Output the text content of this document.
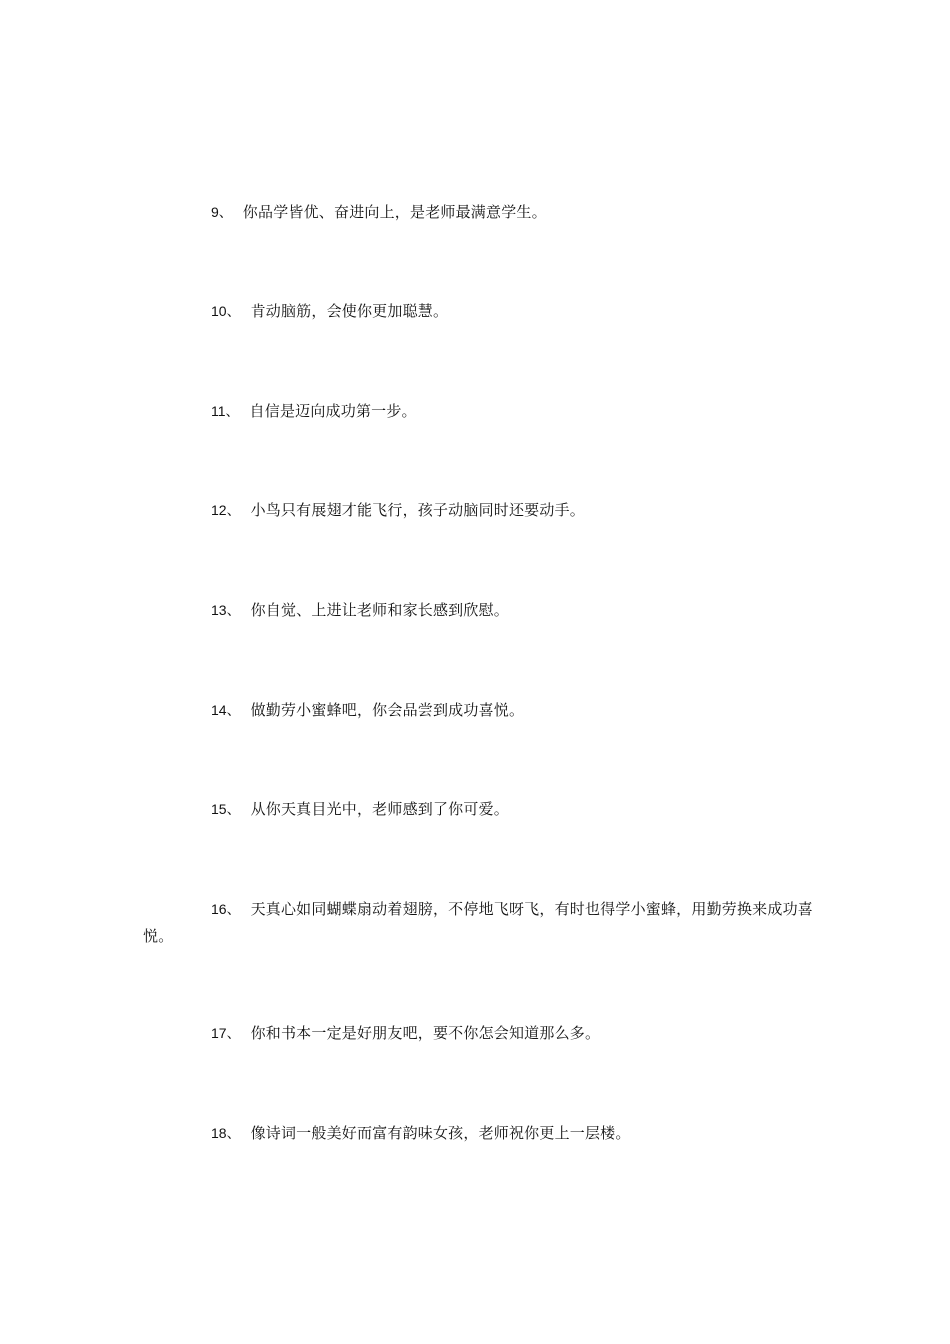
9、 你品学皆优、奋进向上，是老师最满意学生。

10、 肯动脑筋，会使你更加聪慧。

11、 自信是迈向成功第一步。

12、 小鸟只有展翅才能飞行，孩子动脑同时还要动手。

13、 你自觉、上进让老师和家长感到欣慰。

14、 做勤劳小蜜蜂吧，你会品尝到成功喜悦。

15、 从你天真目光中，老师感到了你可爱。

16、 天真心如同蝴蝶扇动着翅膀，不停地飞呀飞，有时也得学小蜜蜂，用勤劳换来成功喜悦。

17、 你和书本一定是好朋友吧，要不你怎会知道那么多。

18、 像诗词一般美好而富有韵味女孩，老师祝你更上一层楼。
